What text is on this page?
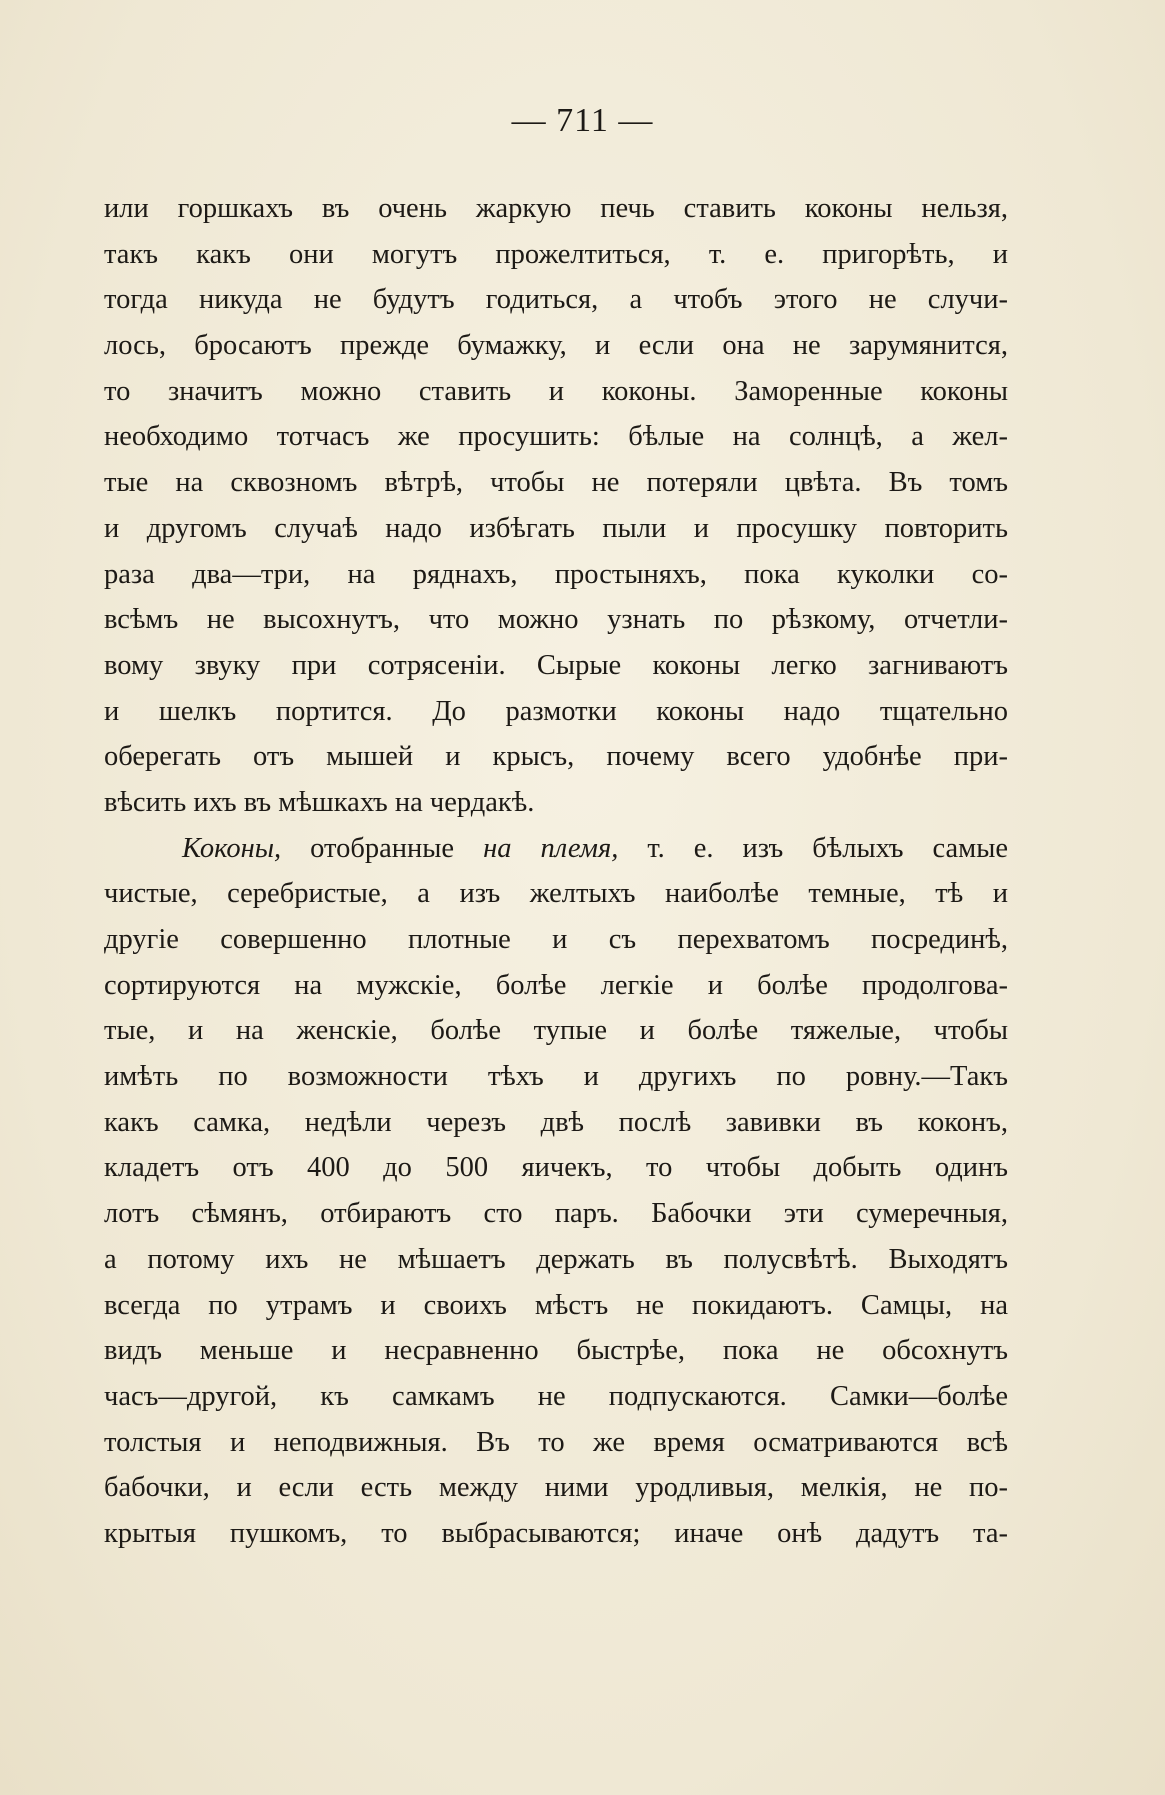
— 711 —
или горшкахъ въ очень жаркую печь ставить коконы нельзя,
такъ какъ они могутъ прожелтиться, т. е. пригорѣть, и
тогда никуда не будутъ годиться, а чтобъ этого не случи-
лось, бросаютъ прежде бумажку, и если она не зарумянится,
то значитъ можно ставить и коконы. Заморенные коконы
необходимо тотчасъ же просушить: бѣлые на солнцѣ, а жел-
тые на сквозномъ вѣтрѣ, чтобы не потеряли цвѣта. Въ томъ
и другомъ случаѣ надо избѣгать пыли и просушку повторить
раза два—три, на ряднахъ, простыняхъ, пока куколки со-
всѣмъ не высохнутъ, что можно узнать по рѣзкому, отчетли-
вому звуку при сотрясеніи. Сырые коконы легко загниваютъ
и шелкъ портится. До размотки коконы надо тщательно
оберегать отъ мышей и крысъ, почему всего удобнѣе при-
вѣсить ихъ въ мѣшкахъ на чердакѣ.
Коконы, отобранные на племя, т. е. изъ бѣлыхъ самые
чистые, серебристые, а изъ желтыхъ наиболѣе темные, тѣ и
другіе совершенно плотные и съ перехватомъ посрединѣ,
сортируются на мужскіе, болѣе легкіе и болѣе продолгова-
тые, и на женскіе, болѣе тупые и болѣе тяжелые, чтобы
имѣть по возможности тѣхъ и другихъ по ровну.—Такъ
какъ самка, недѣли черезъ двѣ послѣ завивки въ коконъ,
кладетъ отъ 400 до 500 яичекъ, то чтобы добыть одинъ
лотъ сѣмянъ, отбираютъ сто паръ. Бабочки эти сумеречныя,
а потому ихъ не мѣшаетъ держать въ полусвѣтѣ. Выходятъ
всегда по утрамъ и своихъ мѣстъ не покидаютъ. Самцы, на
видъ меньше и несравненно быстрѣе, пока не обсохнутъ
часъ—другой, къ самкамъ не подпускаются. Самки—болѣе
толстыя и неподвижныя. Въ то же время осматриваются всѣ
бабочки, и если есть между ними уродливыя, мелкія, не по-
крытыя пушкомъ, то выбрасываются; иначе онѣ дадутъ та-
